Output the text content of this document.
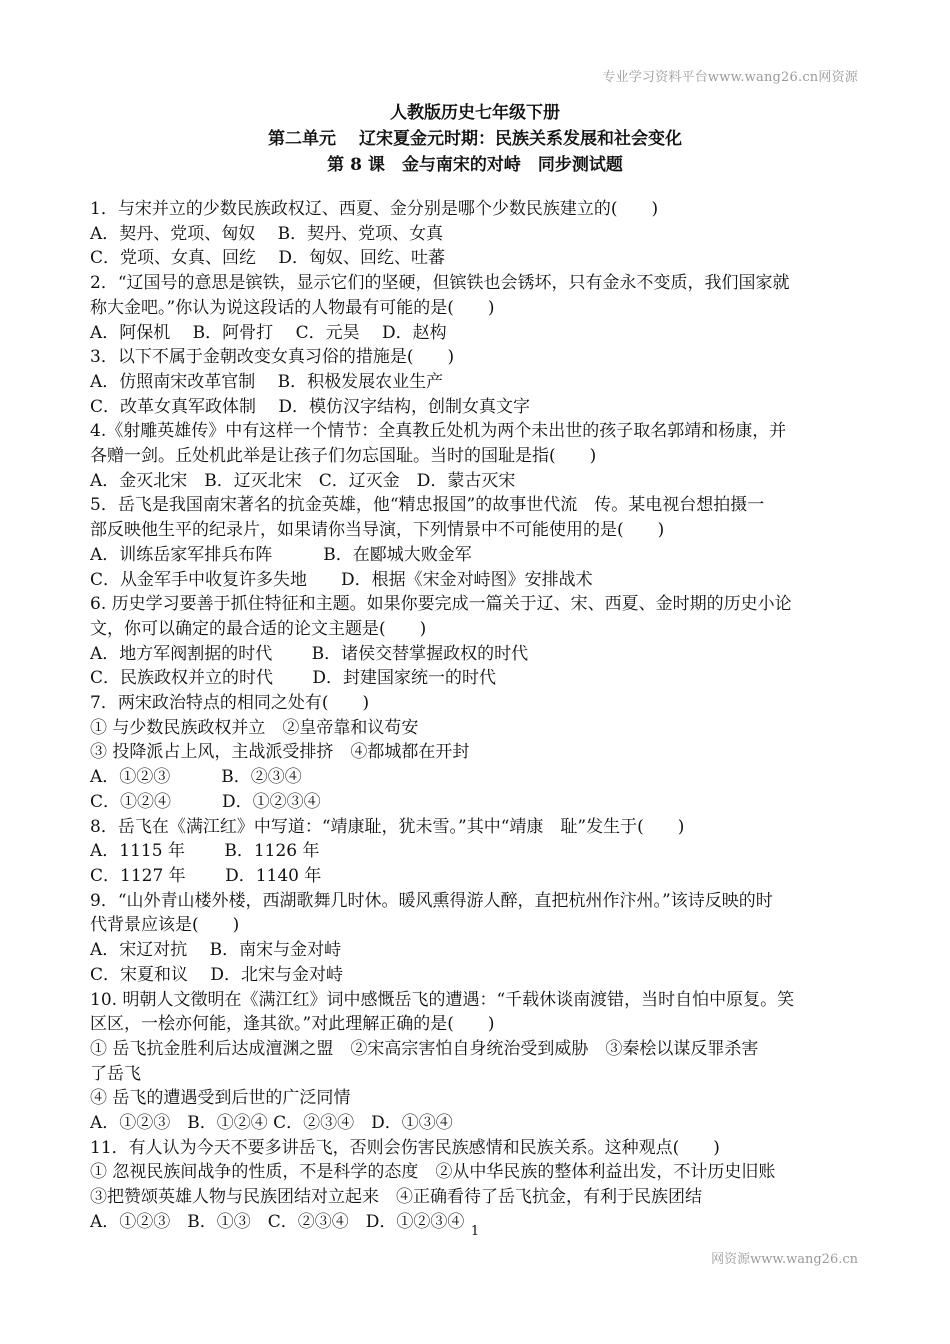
专业学习资料平台www.wang26.cn网资源
人教版历史七年级下册
第二单元　 辽宋夏金元时期：民族关系发展和社会变化
第 8 课　金与南宋的对峙　同步测试题
1．与宋并立的少数民族政权辽、西夏、金分别是哪个少数民族建立的(　　)
A．契丹、党项、匈奴　 B．契丹、党项、女真
C．党项、女真、回纥　 D．匈奴、回纥、吐蕃
2．“辽国号的意思是镔铁，显示它们的坚硬，但镔铁也会锈坏，只有金永不变质，我们国家就
称大金吧。”你认为说这段话的人物最有可能的是(　　)
A．阿保机　 B．阿骨打　 C．元昊　 D．赵构
3．以下不属于金朝改变女真习俗的措施是(　　)
A．仿照南宋改革官制　 B．积极发展农业生产
C．改革女真军政体制　 D．模仿汉字结构，创制女真文字
4.《射雕英雄传》中有这样一个情节：全真教丘处机为两个未出世的孩子取名郭靖和杨康，并
各赠一剑。丘处机此举是让孩子们勿忘国耻。当时的国耻是指(　　)
A．金灭北宋　B．辽灭北宋　C．辽灭金　D．蒙古灭宋
5．岳飞是我国南宋著名的抗金英雄，他“精忠报国”的故事世代流　传。某电视台想拍摄一
部反映他生平的纪录片，如果请你当导演，下列情景中不可能使用的是(　　)
A．训练岳家军排兵布阵　　　B．在郾城大败金军
C．从金军手中收复许多失地　　D．根据《宋金对峙图》安排战术
6. 历史学习要善于抓住特征和主题。如果你要完成一篇关于辽、宋、西夏、金时期的历史小论
文，你可以确定的最合适的论文主题是(　　)
A．地方军阀割据的时代　　 B．诸侯交替掌握政权的时代
C．民族政权并立的时代　　 D．封建国家统一的时代
7．两宋政治特点的相同之处有(　　)
① 与少数民族政权并立　②皇帝靠和议苟安
③ 投降派占上风，主战派受排挤　④都城都在开封
A．①②③　　　B．②③④
C．①②④　　　D．①②③④
8．岳飞在《满江红》中写道：“靖康耻，犹未雪。”其中“靖康　耻”发生于(　　)
A．1115 年　　 B．1126 年
C．1127 年　　 D．1140 年
9．“山外青山楼外楼，西湖歌舞几时休。暖风熏得游人醉，直把杭州作汴州。”该诗反映的时
代背景应该是(　　)
A．宋辽对抗　 B．南宋与金对峙
C．宋夏和议　 D．北宋与金对峙
10. 明朝人文徵明在《满江红》词中感慨岳飞的遭遇：“千载休谈南渡错，当时自怕中原复。笑
区区，一桧亦何能，逢其欲。”对此理解正确的是(　　)
① 岳飞抗金胜利后达成澶渊之盟　②宋高宗害怕自身统治受到威胁　③秦桧以谋反罪杀害
了岳飞
④ 岳飞的遭遇受到后世的广泛同情
A．①②③　B．①②④ C．②③④　D．①③④
11．有人认为今天不要多讲岳飞，否则会伤害民族感情和民族关系。这种观点(　　)
① 忽视民族间战争的性质，不是科学的态度　②从中华民族的整体利益出发，不计历史旧账
③把赞颂英雄人物与民族团结对立起来　④正确看待了岳飞抗金，有利于民族团结
A．①②③　B．①③　C．②③④　D．①②③④ 1
网资源www.wang26.cn
